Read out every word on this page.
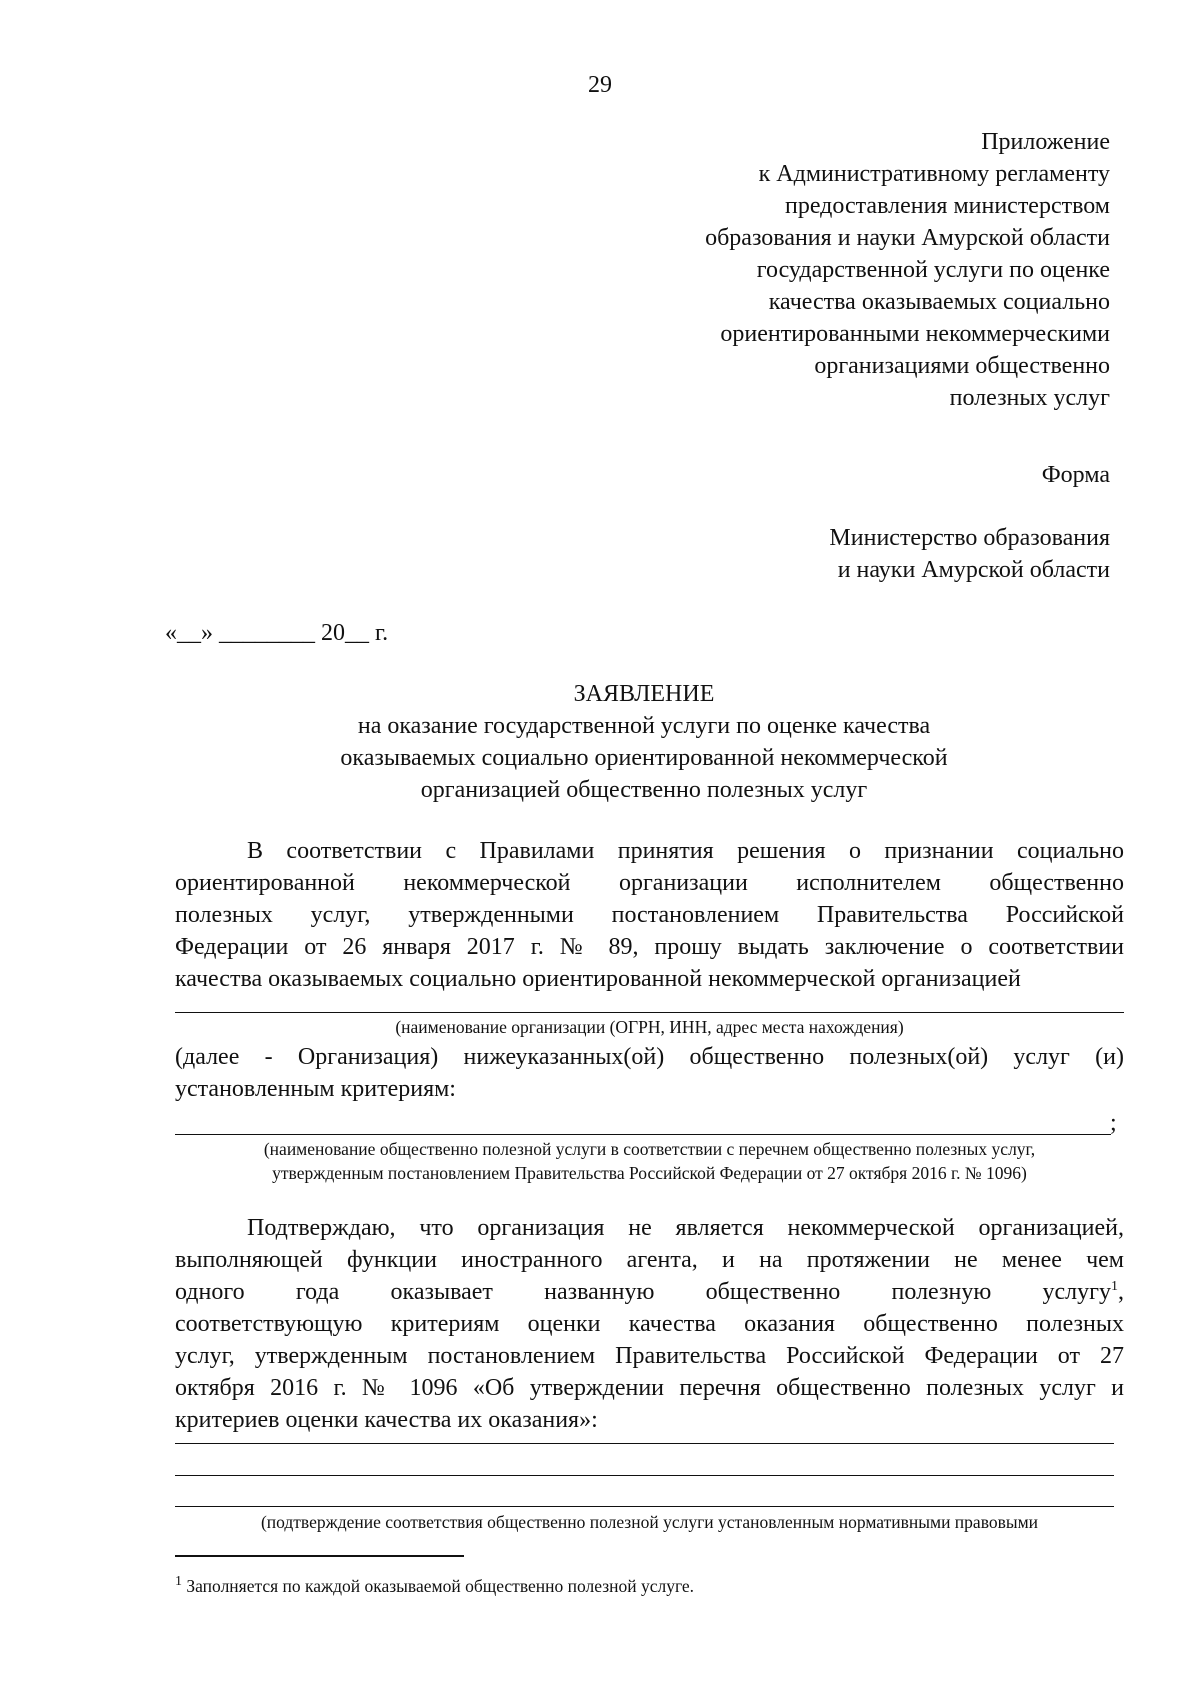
29
Приложение
к Административному регламенту
предоставления министерством
образования и науки Амурской области
государственной услуги по оценке
качества оказываемых социально
ориентированными некоммерческими
организациями общественно
полезных услуг
Форма
Министерство образования
и науки Амурской области
«__» ________ 20__ г.
ЗАЯВЛЕНИЕ
на оказание государственной услуги по оценке качества
оказываемых социально ориентированной некоммерческой
организацией общественно полезных услуг
В соответствии с Правилами принятия решения о признании социально
ориентированной некоммерческой организации исполнителем общественно
полезных услуг, утвержденными постановлением Правительства Российской
Федерации от 26 января 2017 г. № 89, прошу выдать заключение о соответствии
качества оказываемых социально ориентированной некоммерческой организацией
(наименование организации (ОГРН, ИНН, адрес места нахождения)
(далее - Организация) нижеуказанных(ой) общественно полезных(ой) услуг (и)
установленным критериям:
;
(наименование общественно полезной услуги в соответствии с перечнем общественно полезных услуг,
утвержденным постановлением Правительства Российской Федерации от 27 октября 2016 г. № 1096)
Подтверждаю, что организация не является некоммерческой организацией,
выполняющей функции иностранного агента, и на протяжении не менее чем
одного года оказывает названную общественно полезную услугу$^1$,
соответствующую критериям оценки качества оказания общественно полезных
услуг, утвержденным постановлением Правительства Российской Федерации от 27
октября 2016 г. № 1096 «Об утверждении перечня общественно полезных услуг и
критериев оценки качества их оказания»:
(подтверждение соответствия общественно полезной услуги установленным нормативными правовыми
$^1$ Заполняется по каждой оказываемой общественно полезной услуге.
